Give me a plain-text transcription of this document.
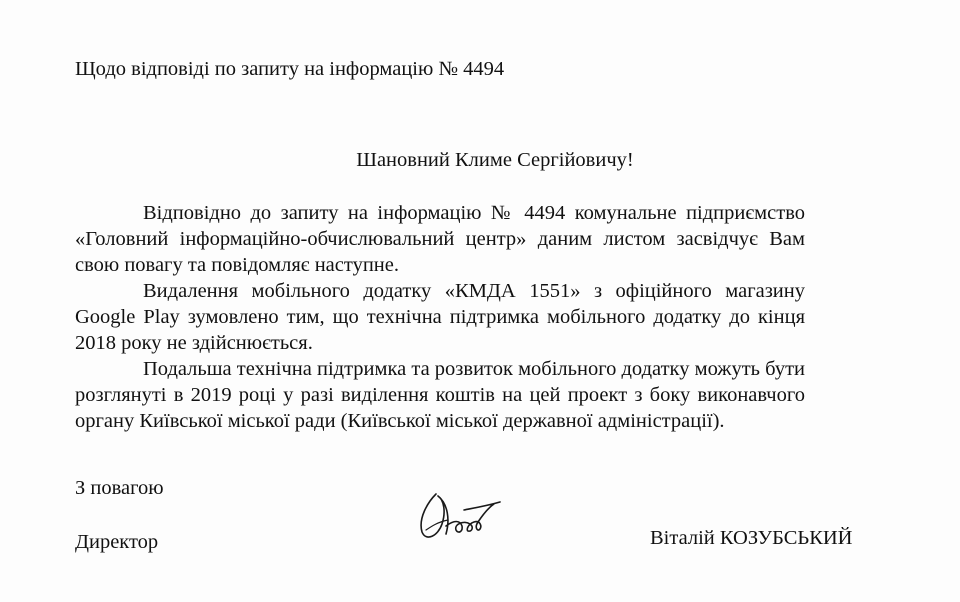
Щодо відповіді по запиту на інформацію № 4494
Шановний Климе Сергійовичу!

Відповідно до запиту на інформацію № 4494 комунальне підприємство «Головний інформаційно-обчислювальний центр» даним листом засвідчує Вам свою повагу та повідомляє наступне.

Видалення мобільного додатку «КМДА 1551» з офіційного магазину Google Play зумовлено тим, що технічна підтримка мобільного додатку до кінця 2018 року не здійснюється.

Подальша технічна підтримка та розвиток мобільного додатку можуть бути розглянуті в 2019 році у разі виділення коштів на цей проект з боку виконавчого органу Київської міської ради (Київської міської державної адміністрації).

З повагою
Директор	Віталій КОЗУБСЬКИЙ
